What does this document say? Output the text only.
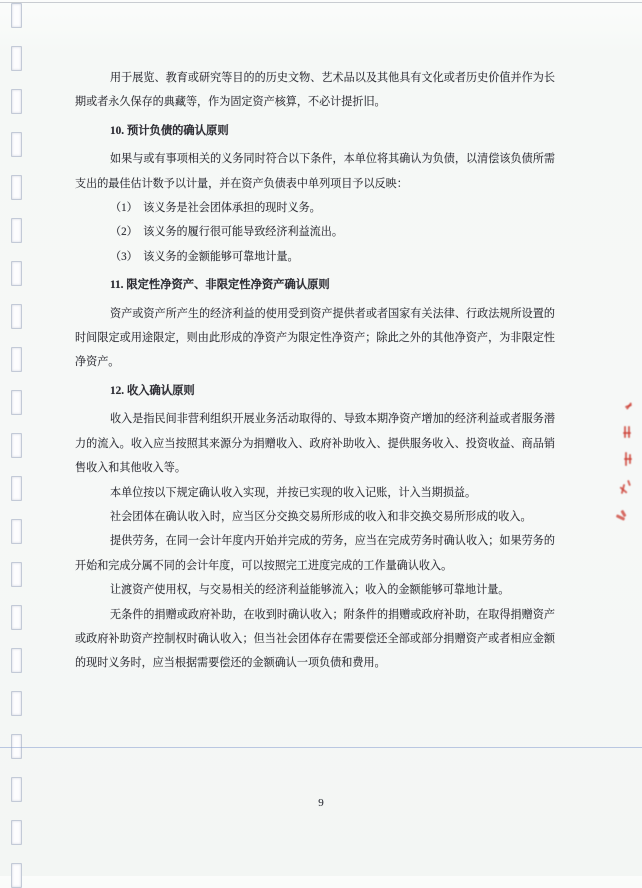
用于展览、教育或研究等目的的历史文物、艺术品以及其他具有文化或者历史价值并作为长期或者永久保存的典藏等，作为固定资产核算，不必计提折旧。

10. 预计负债的确认原则

如果与或有事项相关的义务同时符合以下条件，本单位将其确认为负债，以清偿该负债所需支出的最佳估计数予以计量，并在资产负债表中单列项目予以反映：

（1）　该义务是社会团体承担的现时义务。

（2）　该义务的履行很可能导致经济利益流出。

（3）　该义务的金额能够可靠地计量。

11. 限定性净资产、非限定性净资产确认原则

资产或资产所产生的经济利益的使用受到资产提供者或者国家有关法律、行政法规所设置的时间限定或用途限定，则由此形成的净资产为限定性净资产；除此之外的其他净资产，为非限定性净资产。

12. 收入确认原则

收入是指民间非营利组织开展业务活动取得的、导致本期净资产增加的经济利益或者服务潜力的流入。收入应当按照其来源分为捐赠收入、政府补助收入、提供服务收入、投资收益、商品销售收入和其他收入等。

本单位按以下规定确认收入实现，并按已实现的收入记账，计入当期损益。

社会团体在确认收入时，应当区分交换交易所形成的收入和非交换交易所形成的收入。

提供劳务，在同一会计年度内开始并完成的劳务，应当在完成劳务时确认收入；如果劳务的开始和完成分属不同的会计年度，可以按照完工进度完成的工作量确认收入。

让渡资产使用权，与交易相关的经济利益能够流入；收入的金额能够可靠地计量。

无条件的捐赠或政府补助，在收到时确认收入；附条件的捐赠或政府补助，在取得捐赠资产或政府补助资产控制权时确认收入；但当社会团体存在需要偿还全部或部分捐赠资产或者相应金额的现时义务时，应当根据需要偿还的金额确认一项负债和费用。

9
